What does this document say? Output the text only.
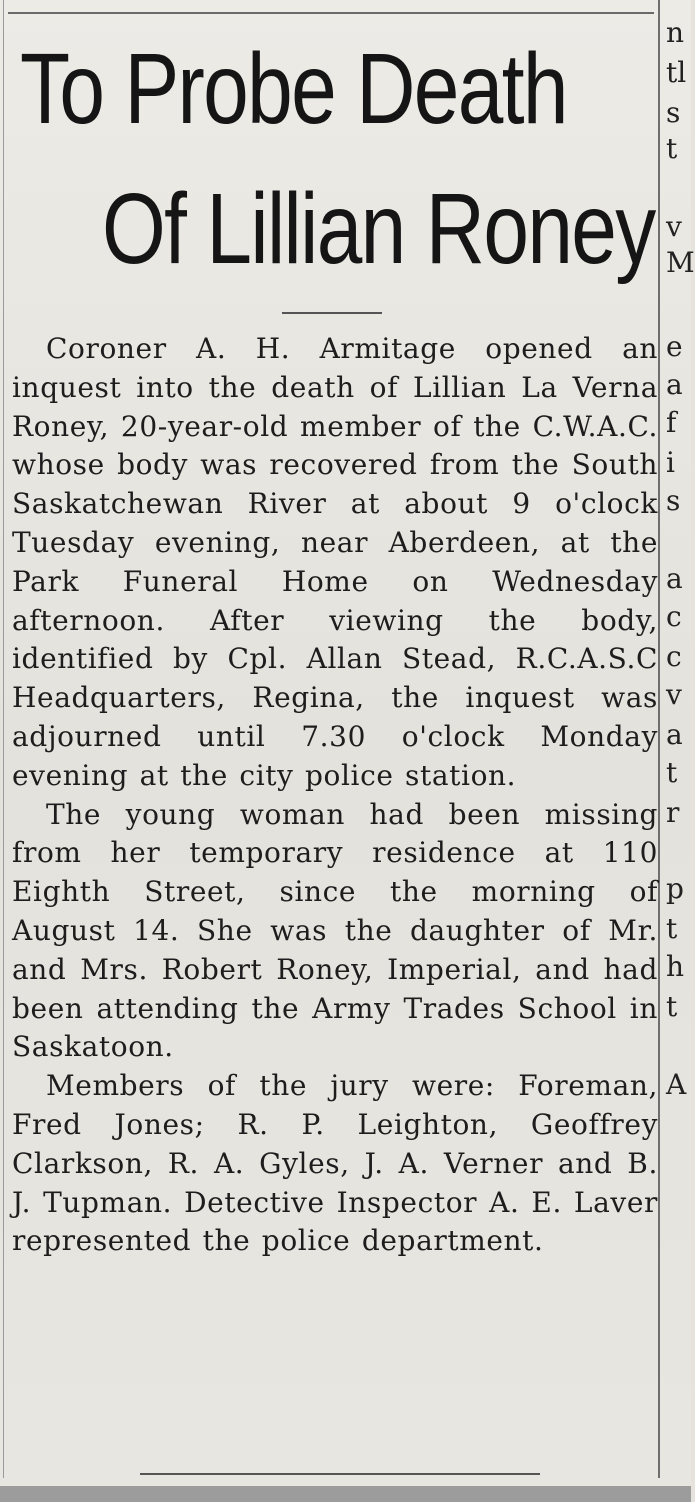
To Probe Death
Of Lillian Roney

Coroner A. H. Armitage opened an inquest into the death of Lillian La Verna Roney, 20-year-old member of the C.W.A.C. whose body was recovered from the South Saskatchewan River at about 9 o'clock Tuesday evening, near Aberdeen, at the Park Funeral Home on Wednesday afternoon. After viewing the body, identified by Cpl. Allan Stead, R.C.A.S.C Headquarters, Regina, the inquest was adjourned until 7.30 o'clock Monday evening at the city police station.

The young woman had been missing from her temporary residence at 110 Eighth Street, since the morning of August 14. She was the daughter of Mr. and Mrs. Robert Roney, Imperial, and had been attending the Army Trades School in Saskatoon.

Members of the jury were: Foreman, Fred Jones; R. P. Leighton, Geoffrey Clarkson, R. A. Gyles, J. A. Verner and B. J. Tupman. Detective Inspector A. E. Laver represented the police department.

n
tl
s
t
v
M
e
a
f
i
s
a
c
c
v
a
t
r
p
t
h
t
A
